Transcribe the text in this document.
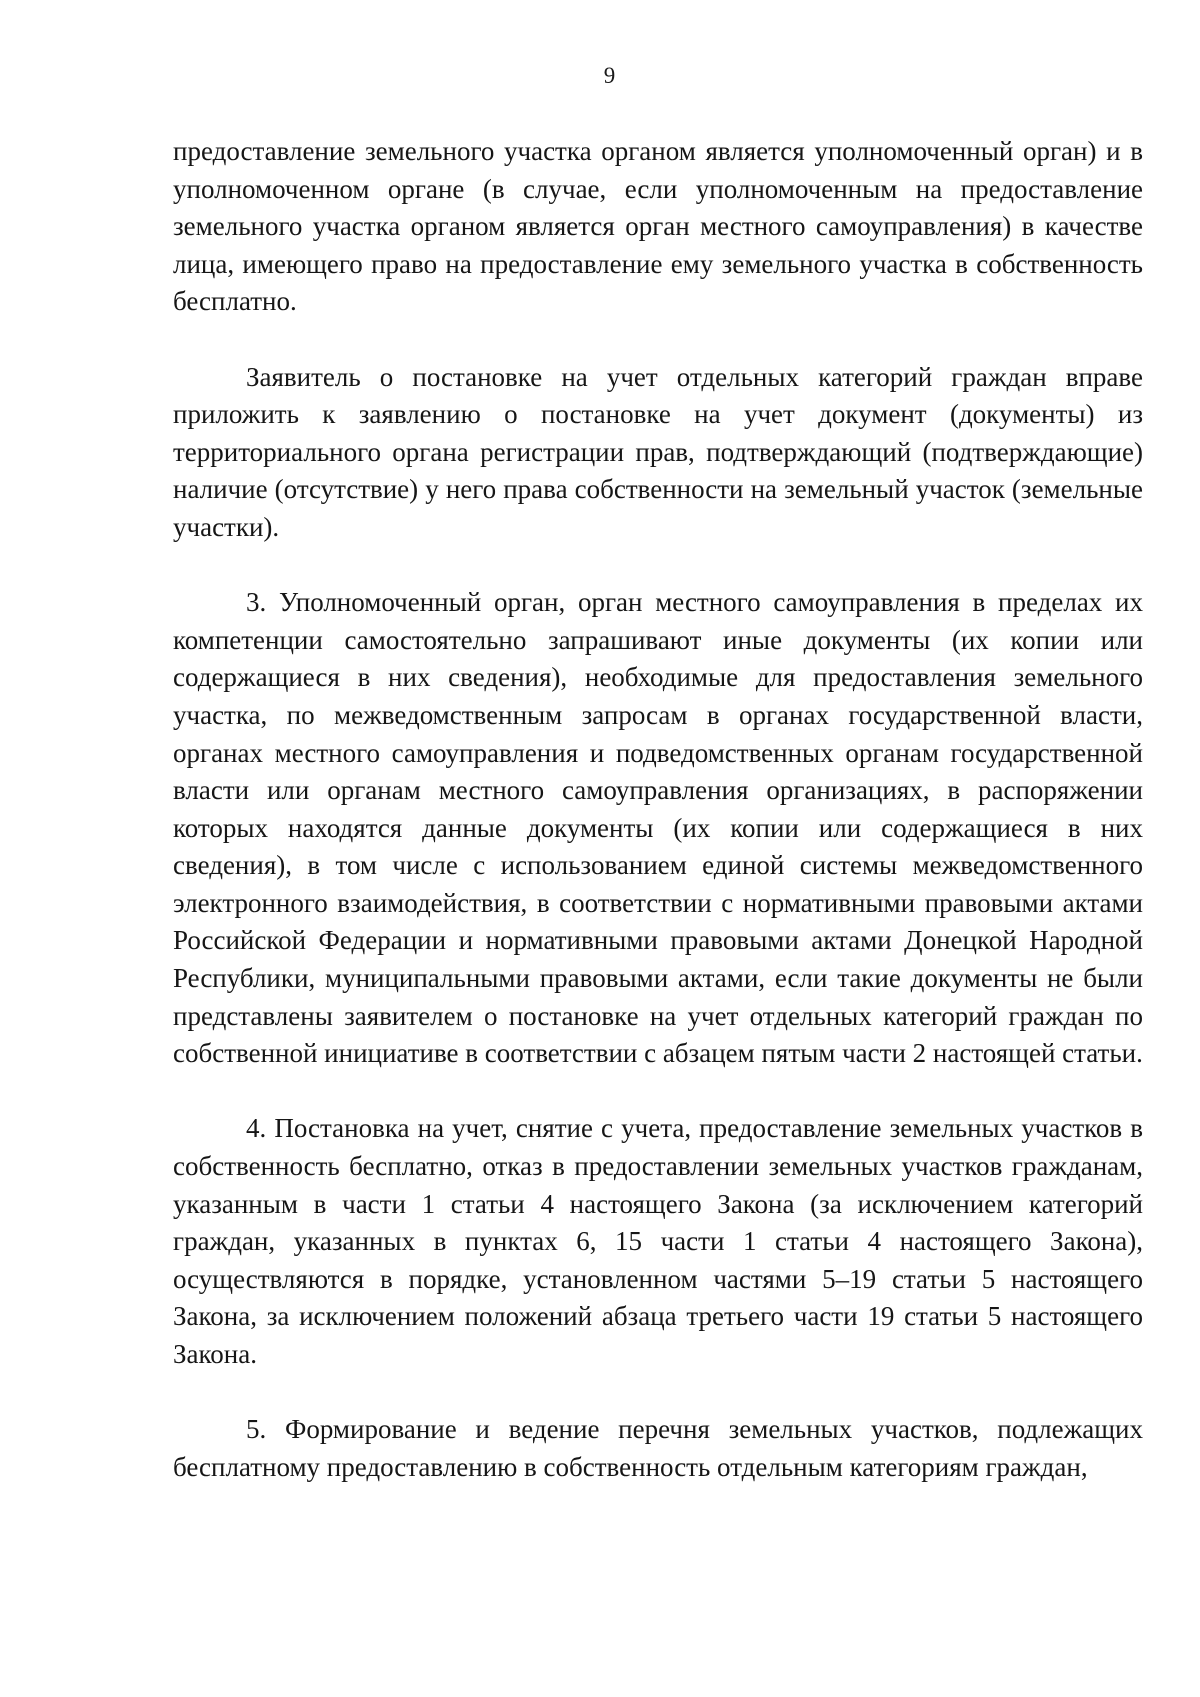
9

предоставление земельного участка органом является уполномоченный орган) и в уполномоченном органе (в случае, если уполномоченным на предоставление земельного участка органом является орган местного самоуправления) в качестве лица, имеющего право на предоставление ему земельного участка в собственность бесплатно.

Заявитель о постановке на учет отдельных категорий граждан вправе приложить к заявлению о постановке на учет документ (документы) из территориального органа регистрации прав, подтверждающий (подтверждающие) наличие (отсутствие) у него права собственности на земельный участок (земельные участки).

3. Уполномоченный орган, орган местного самоуправления в пределах их компетенции самостоятельно запрашивают иные документы (их копии или содержащиеся в них сведения), необходимые для предоставления земельного участка, по межведомственным запросам в органах государственной власти, органах местного самоуправления и подведомственных органам государственной власти или органам местного самоуправления организациях, в распоряжении которых находятся данные документы (их копии или содержащиеся в них сведения), в том числе с использованием единой системы межведомственного электронного взаимодействия, в соответствии с нормативными правовыми актами Российской Федерации и нормативными правовыми актами Донецкой Народной Республики, муниципальными правовыми актами, если такие документы не были представлены заявителем о постановке на учет отдельных категорий граждан по собственной инициативе в соответствии с абзацем пятым части 2 настоящей статьи.

4. Постановка на учет, снятие с учета, предоставление земельных участков в собственность бесплатно, отказ в предоставлении земельных участков гражданам, указанным в части 1 статьи 4 настоящего Закона (за исключением категорий граждан, указанных в пунктах 6, 15 части 1 статьи 4 настоящего Закона), осуществляются в порядке, установленном частями 5–19 статьи 5 настоящего Закона, за исключением положений абзаца третьего части 19 статьи 5 настоящего Закона.

5. Формирование и ведение перечня земельных участков, подлежащих бесплатному предоставлению в собственность отдельным категориям граждан,
